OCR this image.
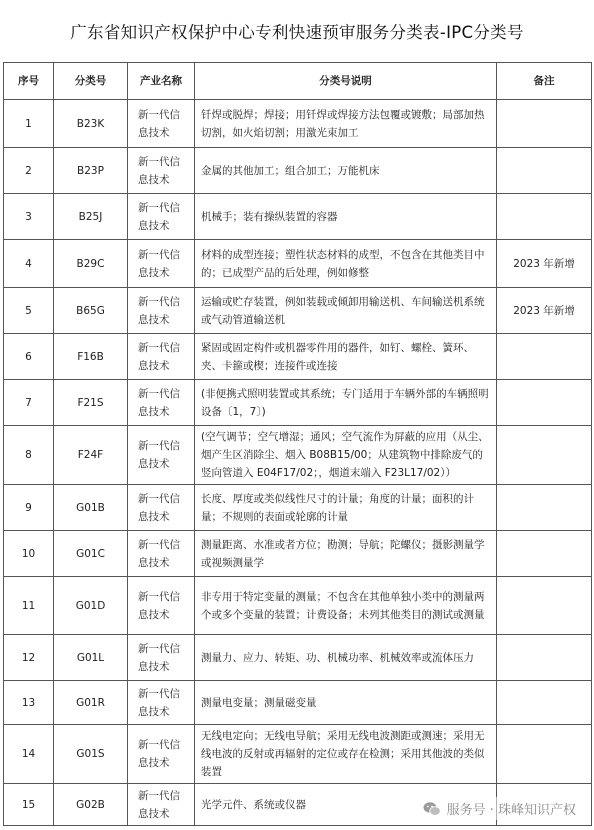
广东省知识产权保护中心专利快速预审服务分类表-IPC分类号
序号	分类号	产业名称	分类号说明	备注
1	B23K	新一代信息技术	钎焊或脱焊；焊接；用钎焊或焊接方法包覆或镀敷；局部加热切割，如火焰切割；用激光束加工	
2	B23P	新一代信息技术	金属的其他加工；组合加工；万能机床	
3	B25J	新一代信息技术	机械手；装有操纵装置的容器	
4	B29C	新一代信息技术	材料的成型连接；塑性状态材料的成型，不包含在其他类目中的；已成型产品的后处理，例如修整	2023 年新增
5	B65G	新一代信息技术	运输或贮存装置，例如装载或倾卸用输送机、车间输送机系统或气动管道输送机	2023 年新增
6	F16B	新一代信息技术	紧固或固定构件或机器零件用的器件，如钉、螺栓、簧环、夹、卡箍或楔；连接件或连接	
7	F21S	新一代信息技术	(非便携式照明装置或其系统；专门适用于车辆外部的车辆照明设备〔1，7〕)	
8	F24F	新一代信息技术	(空气调节；空气增湿；通风；空气流作为屏蔽的应用（从尘、烟产生区消除尘、烟入 B08B15/00；从建筑物中排除废气的竖向管道入 E04F17/02；，烟道末端入 F23L17/02））	
9	G01B	新一代信息技术	长度、厚度或类似线性尺寸的计量；角度的计量；面积的计量；不规则的表面或轮廓的计量	
10	G01C	新一代信息技术	测量距离、水准或者方位；勘测；导航；陀螺仪；摄影测量学或视频测量学	
11	G01D	新一代信息技术	非专用于特定变量的测量；不包含在其他单独小类中的测量两个或多个变量的装置；计费设备；未列其他类目的测试或测量	
12	G01L	新一代信息技术	测量力、应力、转矩、功、机械功率、机械效率或流体压力	
13	G01R	新一代信息技术	测量电变量；测量磁变量	
14	G01S	新一代信息技术	无线电定向；无线电导航；采用无线电波测距或测速；采用无线电波的反射或再辐射的定位或存在检测；采用其他波的类似装置	
15	G02B	新一代信息技术	光学元件、系统或仪器		服务号 · 珠峰知识产权
